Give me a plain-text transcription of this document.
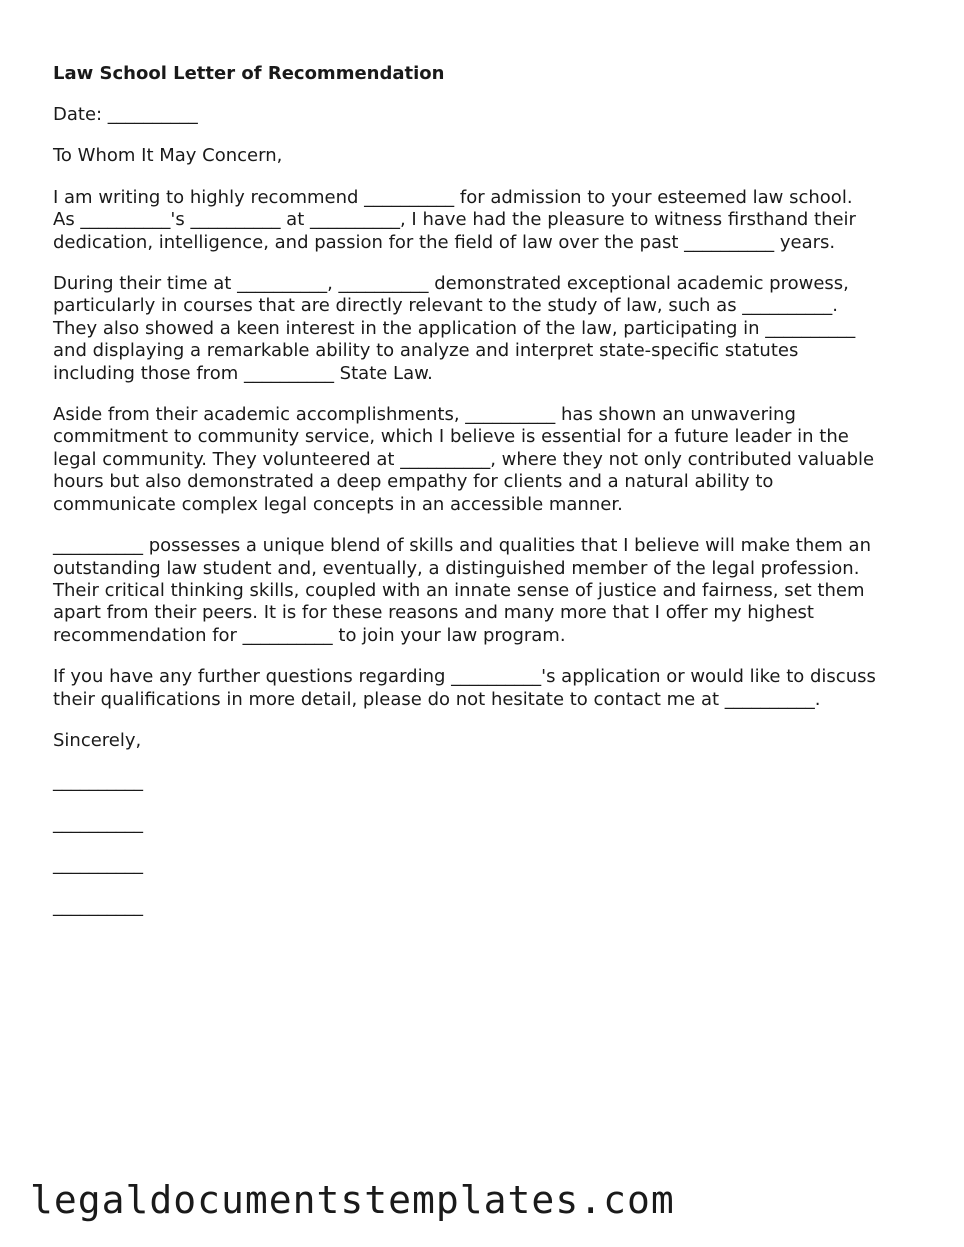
Law School Letter of Recommendation
Date: __________
To Whom It May Concern,
I am writing to highly recommend __________ for admission to your esteemed law school.
As __________'s __________ at __________, I have had the pleasure to witness firsthand their
dedication, intelligence, and passion for the field of law over the past __________ years.
During their time at __________, __________ demonstrated exceptional academic prowess,
particularly in courses that are directly relevant to the study of law, such as __________.
They also showed a keen interest in the application of the law, participating in __________
and displaying a remarkable ability to analyze and interpret state-specific statutes
including those from __________ State Law.
Aside from their academic accomplishments, __________ has shown an unwavering
commitment to community service, which I believe is essential for a future leader in the
legal community. They volunteered at __________, where they not only contributed valuable
hours but also demonstrated a deep empathy for clients and a natural ability to
communicate complex legal concepts in an accessible manner.
__________ possesses a unique blend of skills and qualities that I believe will make them an
outstanding law student and, eventually, a distinguished member of the legal profession.
Their critical thinking skills, coupled with an innate sense of justice and fairness, set them
apart from their peers. It is for these reasons and many more that I offer my highest
recommendation for __________ to join your law program.
If you have any further questions regarding __________'s application or would like to discuss
their qualifications in more detail, please do not hesitate to contact me at __________.
Sincerely,
__________
__________
__________
__________
legaldocumentstemplates.com
